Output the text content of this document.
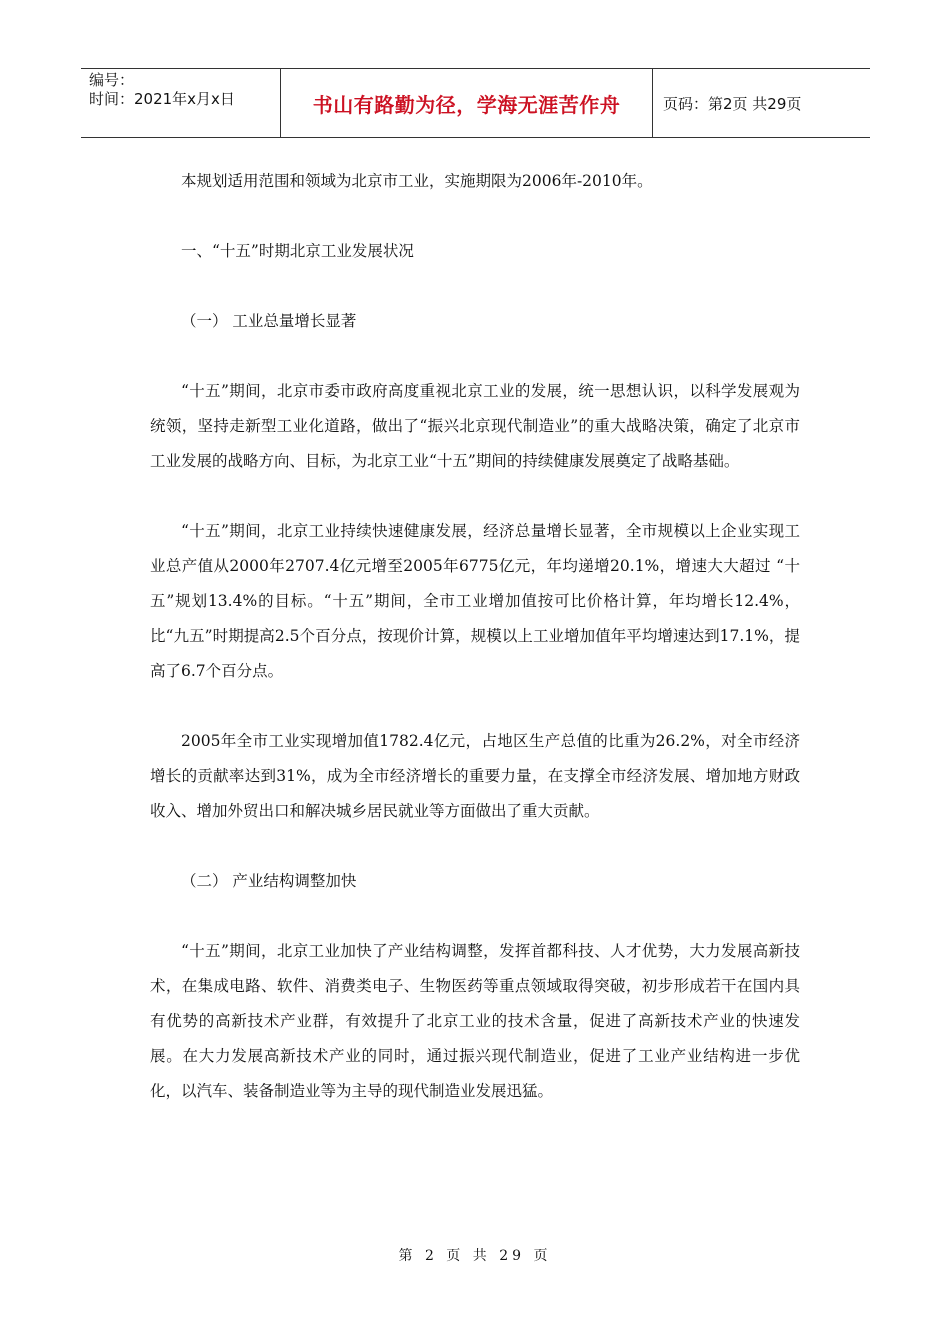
编号：
时间：2021年x月x日	书山有路勤为径，学海无涯苦作舟	页码：第2页 共29页

本规划适用范围和领域为北京市工业，实施期限为2006年-2010年。

一、“十五”时期北京工业发展状况

（一） 工业总量增长显著

“十五”期间，北京市委市政府高度重视北京工业的发展，统一思想认识，以科学发展观为统领，坚持走新型工业化道路，做出了“振兴北京现代制造业”的重大战略决策，确定了北京市工业发展的战略方向、目标，为北京工业“十五”期间的持续健康发展奠定了战略基础。

“十五”期间，北京工业持续快速健康发展，经济总量增长显著，全市规模以上企业实现工业总产值从2000年2707.4亿元增至2005年6775亿元，年均递增20.1%，增速大大超过 “十五”规划13.4%的目标。“十五”期间，全市工业增加值按可比价格计算，年均增长12.4%，比“九五”时期提高2.5个百分点，按现价计算，规模以上工业增加值年平均增速达到17.1%，提高了6.7个百分点。

2005年全市工业实现增加值1782.4亿元，占地区生产总值的比重为26.2%，对全市经济增长的贡献率达到31%，成为全市经济增长的重要力量，在支撑全市经济发展、增加地方财政收入、增加外贸出口和解决城乡居民就业等方面做出了重大贡献。

（二） 产业结构调整加快

“十五”期间，北京工业加快了产业结构调整，发挥首都科技、人才优势，大力发展高新技术，在集成电路、软件、消费类电子、生物医药等重点领域取得突破，初步形成若干在国内具有优势的高新技术产业群，有效提升了北京工业的技术含量，促进了高新技术产业的快速发展。在大力发展高新技术产业的同时，通过振兴现代制造业，促进了工业产业结构进一步优化，以汽车、装备制造业等为主导的现代制造业发展迅猛。

第 2 页 共 29 页
